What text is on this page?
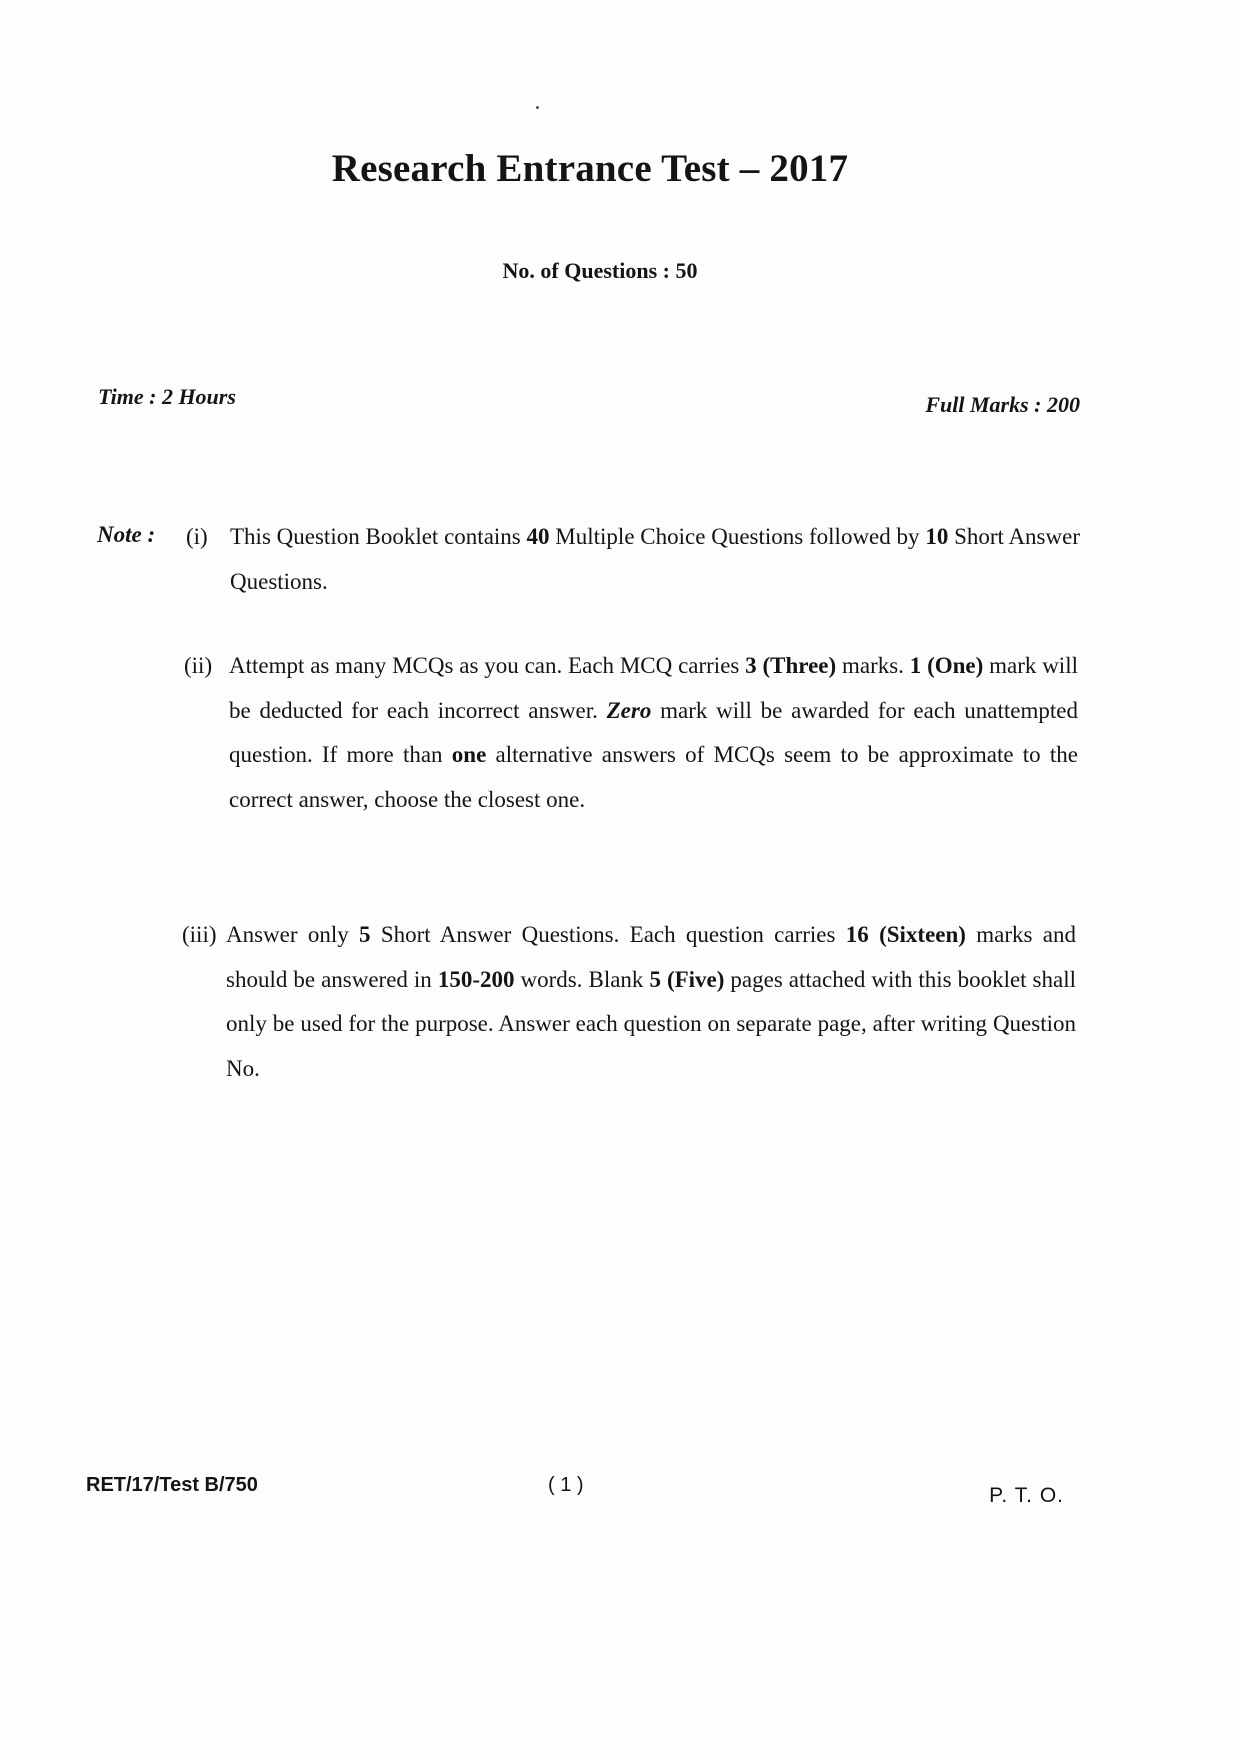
Research Entrance Test – 2017
No. of Questions : 50
Time : 2 Hours	Full Marks : 200
Note : (i) This Question Booklet contains 40 Multiple Choice Questions followed by 10 Short Answer Questions.
(ii) Attempt as many MCQs as you can. Each MCQ carries 3 (Three) marks. 1 (One) mark will be deducted for each incorrect answer. Zero mark will be awarded for each unattempted question. If more than one alternative answers of MCQs seem to be approximate to the correct answer, choose the closest one.
(iii) Answer only 5 Short Answer Questions. Each question carries 16 (Sixteen) marks and should be answered in 150-200 words. Blank 5 (Five) pages attached with this booklet shall only be used for the purpose. Answer each question on separate page, after writing Question No.
RET/17/Test B/750	( 1 )	P. T. O.
